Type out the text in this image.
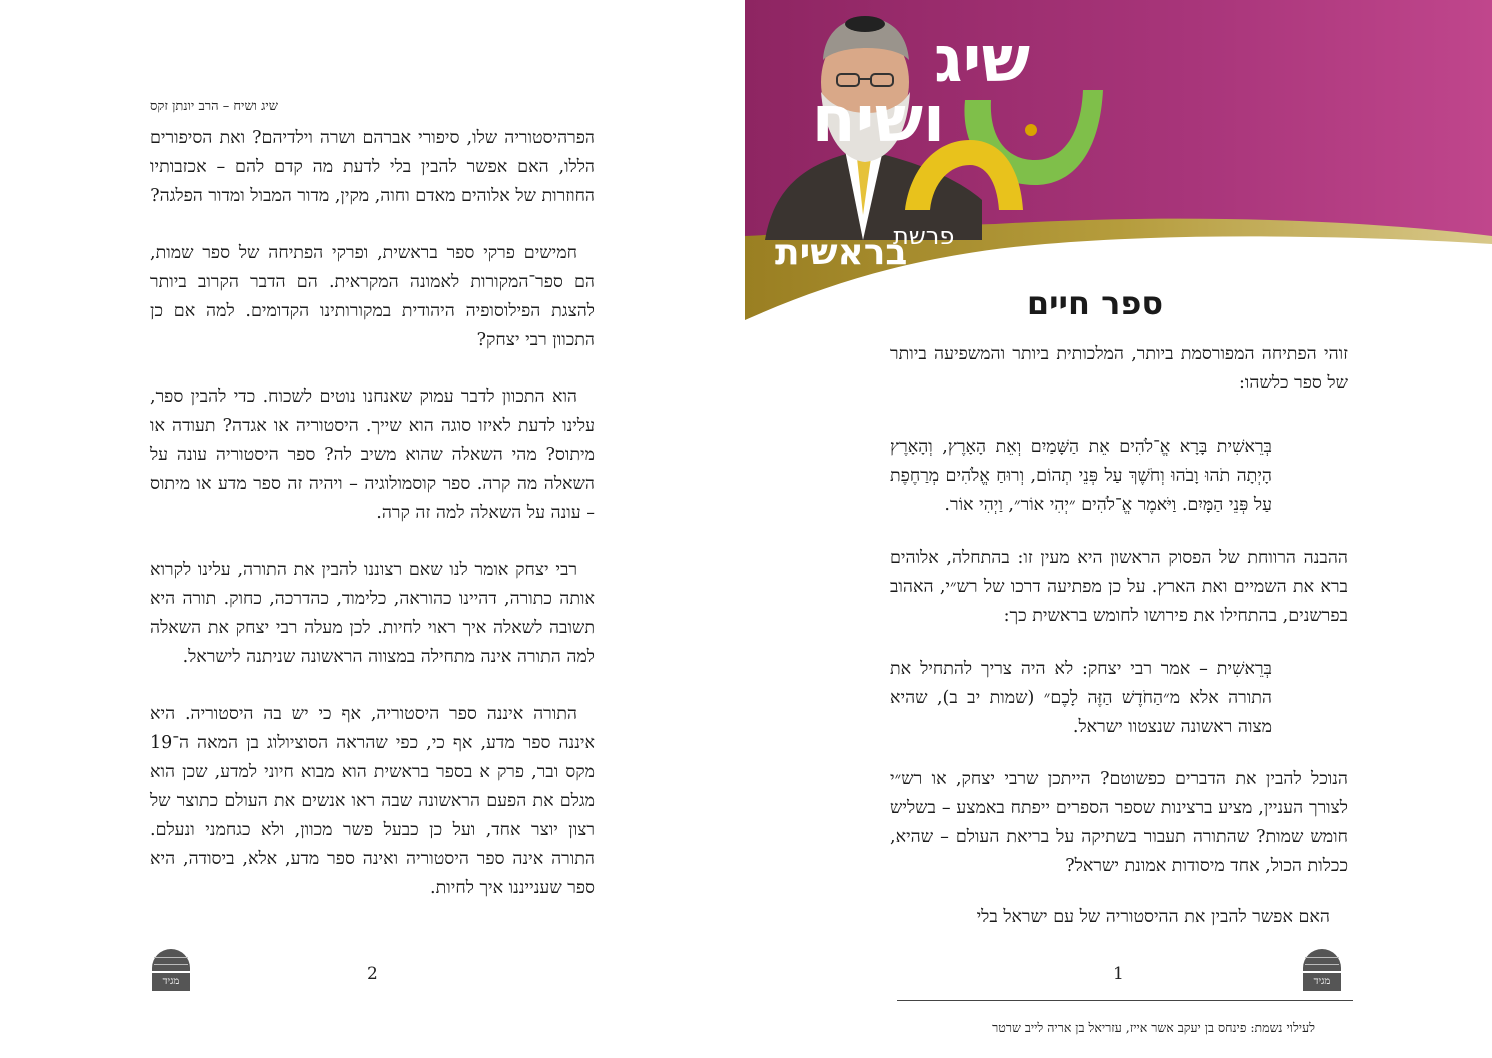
שיג ושיח – הרב יונתן זקס

הפרהיסטוריה שלו, סיפורי אברהם ושרה וילדיהם? ואת הסיפורים הללו, האם אפשר להבין בלי לדעת מה קדם להם – אכזבותיו החוזרות של אלוהים מאדם וחוה, מקין, מדור המבול ומדור הפלגה?

חמישים פרקי ספר בראשית, ופרקי הפתיחה של ספר שמות, הם ספר־המקורות לאמונה המקראית. הם הדבר הקרוב ביותר להצגת הפילוסופיה היהודית במקורותינו הקדומים. למה אם כן התכוון רבי יצחק?

הוא התכוון לדבר עמוק שאנחנו נוטים לשכוח. כדי להבין ספר, עלינו לדעת לאיזו סוגה הוא שייך. היסטוריה או אגדה? תעודה או מיתוס? מהי השאלה שהוא משיב לה? ספר היסטוריה עונה על השאלה מה קרה. ספר קוסמולוגיה – ויהיה זה ספר מדע או מיתוס – עונה על השאלה למה זה קרה.

רבי יצחק אומר לנו שאם רצוננו להבין את התורה, עלינו לקרוא אותה כתורה, דהיינו כהוראה, כלימוד, כהדרכה, כחוק. תורה היא תשובה לשאלה איך ראוי לחיות. לכן מעלה רבי יצחק את השאלה למה התורה אינה מתחילה במצווה הראשונה שניתנה לישראל.

התורה איננה ספר היסטוריה, אף כי יש בה היסטוריה. היא איננה ספר מדע, אף כי, כפי שהראה הסוציולוג בן המאה ה־19 מקס ובר, פרק א בספר בראשית הוא מבוא חיוני למדע, שכן הוא מגלם את הפעם הראשונה שבה ראו אנשים את העולם כתוצר של רצון יוצר אחד, ועל כן כבעל פשר מכוון, ולא כגחמני ונעלם. התורה אינה ספר היסטוריה ואינה ספר מדע, אלא, ביסודה, היא ספר שענייננו איך לחיות.

מגיד	2
שיג
ושיח
פרשת
בראשית
ספר חיים

זוהי הפתיחה המפורסמת ביותר, המלכותית ביותר והמשפיעה ביותר של ספר כלשהו:

בְּרֵאשִׁית בָּרָא אֱ־לֹהִים אֵת הַשָּׁמַיִם וְאֵת הָאָרֶץ, וְהָאָרֶץ הָיְתָה תֹהוּ וָבֹהוּ וְחֹשֶׁךְ עַל פְּנֵי תְהוֹם, וְרוּחַ אֱלֹהִים מְרַחֶפֶת עַל פְּנֵי הַמָּיִם. וַיֹּאמֶר אֱ־לֹהִים ״יְהִי אוֹר״, וַיְהִי אוֹר.

ההבנה הרווחת של הפסוק הראשון היא מעין זו: בהתחלה, אלוהים ברא את השמיים ואת הארץ. על כן מפתיעה דרכו של רש״י, האהוב בפרשנים, בהתחילו את פירושו לחומש בראשית כך:

בְּרֵאשִׁית – אמר רבי יצחק: לא היה צריך להתחיל את התורה אלא מ״הַחֹדֶשׁ הַזֶּה לָכֶם״ (שמות יב ב), שהיא מצוה ראשונה שנצטוו ישראל.

הנוכל להבין את הדברים כפשוטם? הייתכן שרבי יצחק, או רש״י לצורך העניין, מציע ברצינות שספר הספרים ייפתח באמצע – בשליש חומש שמות? שהתורה תעבור בשתיקה על בריאת העולם – שהיא, ככלות הכול, אחד מיסודות אמונת ישראל?

האם אפשר להבין את ההיסטוריה של עם ישראל בלי

1	מגיד
לעילוי נשמת: פינחס בן יעקב אשר אייז, עזריאל בן אריה לייב שרטר
